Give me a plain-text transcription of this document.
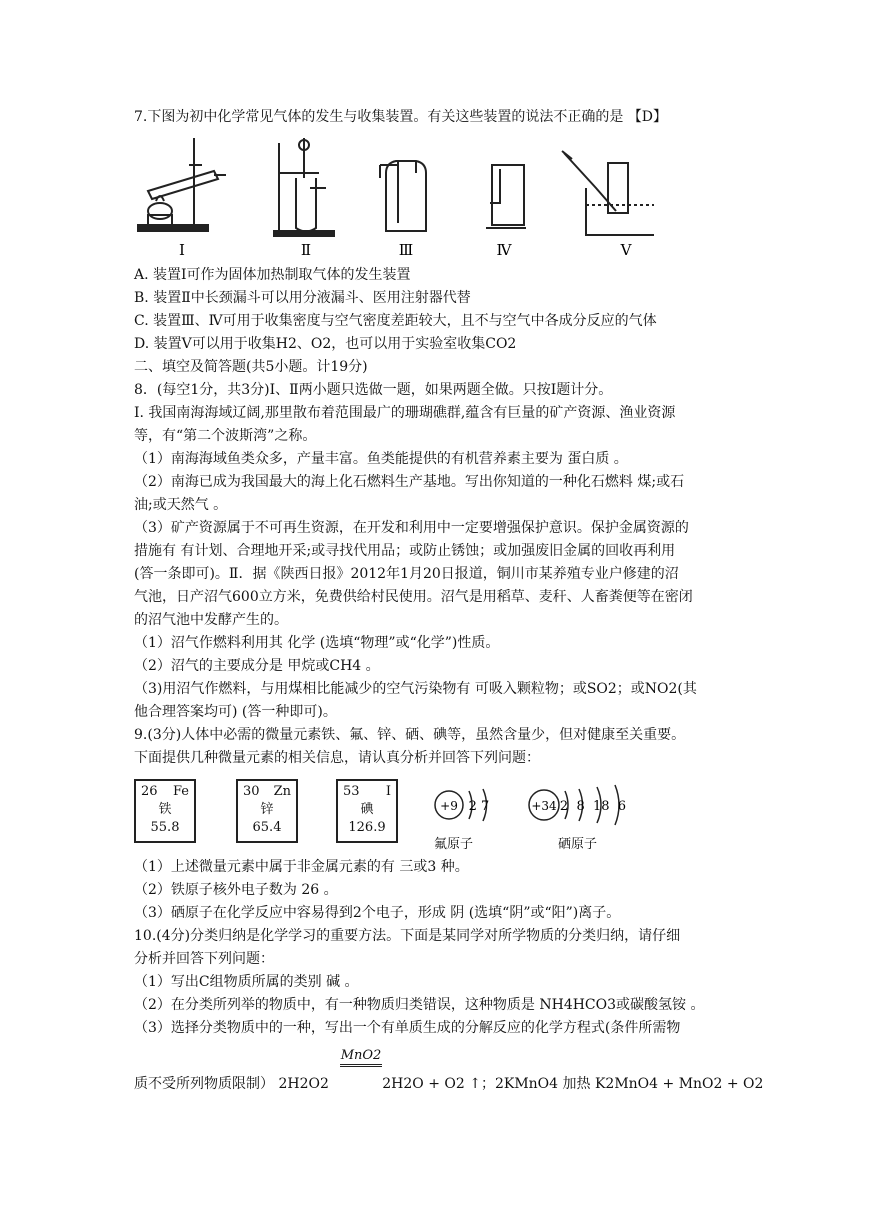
7.下图为初中化学常见气体的发生与收集装置。有关这些装置的说法不正确的是 【D】
Ⅰ	Ⅱ	Ⅲ	Ⅳ	Ⅴ
A. 装置Ⅰ可作为固体加热制取气体的发生装置
B. 装置Ⅱ中长颈漏斗可以用分液漏斗、医用注射器代替
C. 装置Ⅲ、Ⅳ可用于收集密度与空气密度差距较大，且不与空气中各成分反应的气体
D. 装置Ⅴ可以用于收集H2、O2，也可以用于实验室收集CO2
二、填空及简答题(共5小题。计19分)
8．(每空1分，共3分)Ⅰ、Ⅱ两小题只选做一题，如果两题全做。只按Ⅰ题计分。
I. 我国南海海域辽阔,那里散布着范围最广的珊瑚礁群,蕴含有巨量的矿产资源、渔业资源
等，有“第二个波斯湾”之称。
（1）南海海域鱼类众多，产量丰富。鱼类能提供的有机营养素主要为 蛋白质 。
（2）南海已成为我国最大的海上化石燃料生产基地。写出你知道的一种化石燃料 煤;或石
油;或天然气 。
（3）矿产资源属于不可再生资源，在开发和利用中一定要增强保护意识。保护金属资源的
措施有 有计划、合理地开采;或寻找代用品；或防止锈蚀；或加强废旧金属的回收再利用
(答一条即可)。Ⅱ．据《陕西日报》2012年1月20日报道，铜川市某养殖专业户修建的沼
气池，日产沼气600立方米，免费供给村民使用。沼气是用稻草、麦秆、人畜粪便等在密闭
的沼气池中发酵产生的。
（1）沼气作燃料利用其 化学 (选填“物理”或“化学”)性质。
（2）沼气的主要成分是 甲烷或CH4 。
（3)用沼气作燃料，与用煤相比能减少的空气污染物有 可吸入颗粒物；或SO2；或NO2(其
他合理答案均可) (答一种即可)。
9.(3分)人体中必需的微量元素铁、氟、锌、硒、碘等，虽然含量少，但对健康至关重要。
下面提供几种微量元素的相关信息，请认真分析并回答下列问题：
26 Fe
铁
55.8
30 Zn
锌
65.4
53 I
碘
126.9
+9 2 7	+34 2  8  18  6
氟原子	硒原子
（1）上述微量元素中属于非金属元素的有 三或3 种。
（2）铁原子核外电子数为 26 。
（3）硒原子在化学反应中容易得到2个电子，形成 阴 (选填“阴”或“阳”)离子。
10.(4分)分类归纳是化学学习的重要方法。下面是某同学对所学物质的分类归纳，请仔细
分析并回答下列问题：
（1）写出C组物质所属的类别 碱 。
（2）在分类所列举的物质中，有一种物质归类错误，这种物质是 NH4HCO3或碳酸氢铵 。
（3）选择分类物质中的一种，写出一个有单质生成的分解反应的化学方程式(条件所需物
MnO2
质不受所列物质限制） 2H2O2            2H2O + O2 ↑；2KMnO4 加热 K2MnO4 + MnO2 + O2
